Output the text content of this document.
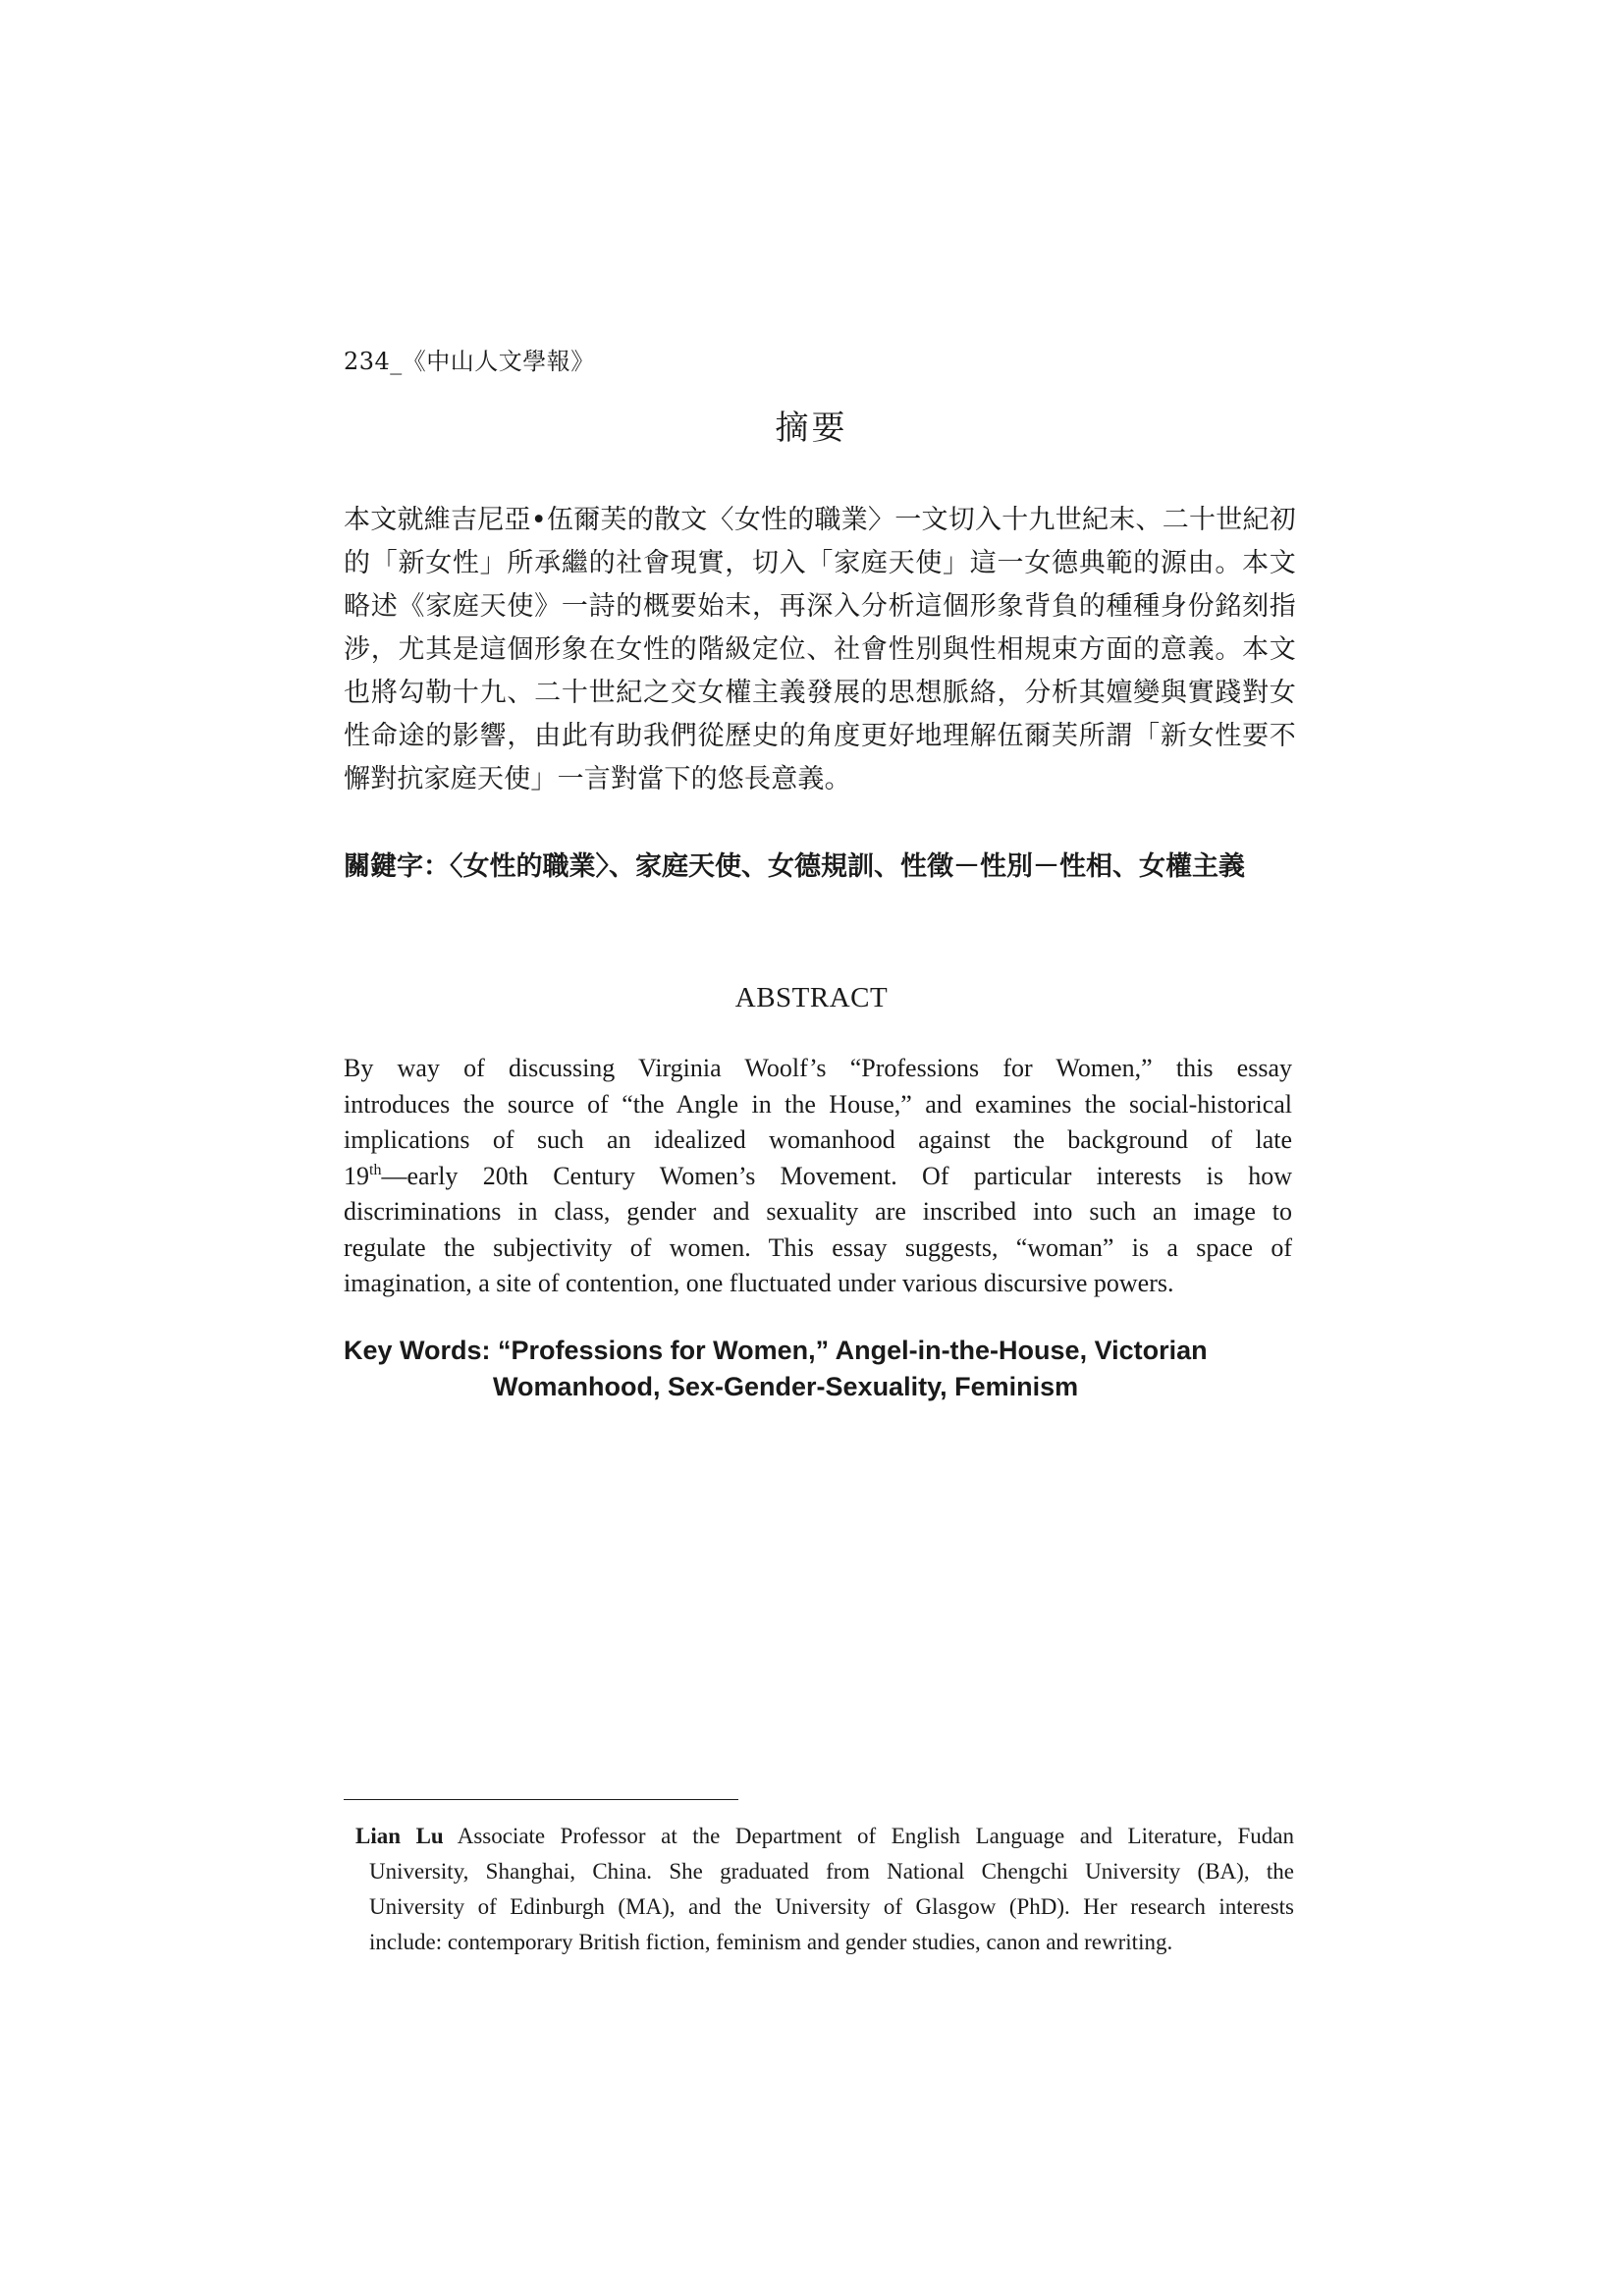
234_《中山人文學報》
摘要
本文就維吉尼亞•伍爾芙的散文〈女性的職業〉一文切入十九世紀末、二十世紀初的「新女性」所承繼的社會現實，切入「家庭天使」這一女德典範的源由。本文略述《家庭天使》一詩的概要始末，再深入分析這個形象背負的種種身份銘刻指涉，尤其是這個形象在女性的階級定位、社會性別與性相規束方面的意義。本文也將勾勒十九、二十世紀之交女權主義發展的思想脈絡，分析其嬗變與實踐對女性命途的影響，由此有助我們從歷史的角度更好地理解伍爾芙所謂「新女性要不懈對抗家庭天使」一言對當下的悠長意義。
關鍵字：〈女性的職業〉、家庭天使、女德規訓、性徵－性別－性相、女權主義
ABSTRACT
By way of discussing Virginia Woolf’s “Professions for Women,” this essay
introduces the source of “the Angle in the House,” and examines the social-historical
implications of such an idealized womanhood against the background of late
19th—early 20th Century Women’s Movement. Of particular interests is how
discriminations in class, gender and sexuality are inscribed into such an image to
regulate the subjectivity of women. This essay suggests, “woman” is a space of
imagination, a site of contention, one fluctuated under various discursive powers.
Key Words: “Professions for Women,” Angel-in-the-House, Victorian
Womanhood, Sex-Gender-Sexuality, Feminism
Lian Lu Associate Professor at the Department of English Language and Literature, Fudan
University, Shanghai, China. She graduated from National Chengchi University (BA), the
University of Edinburgh (MA), and the University of Glasgow (PhD). Her research interests
include: contemporary British fiction, feminism and gender studies, canon and rewriting.
